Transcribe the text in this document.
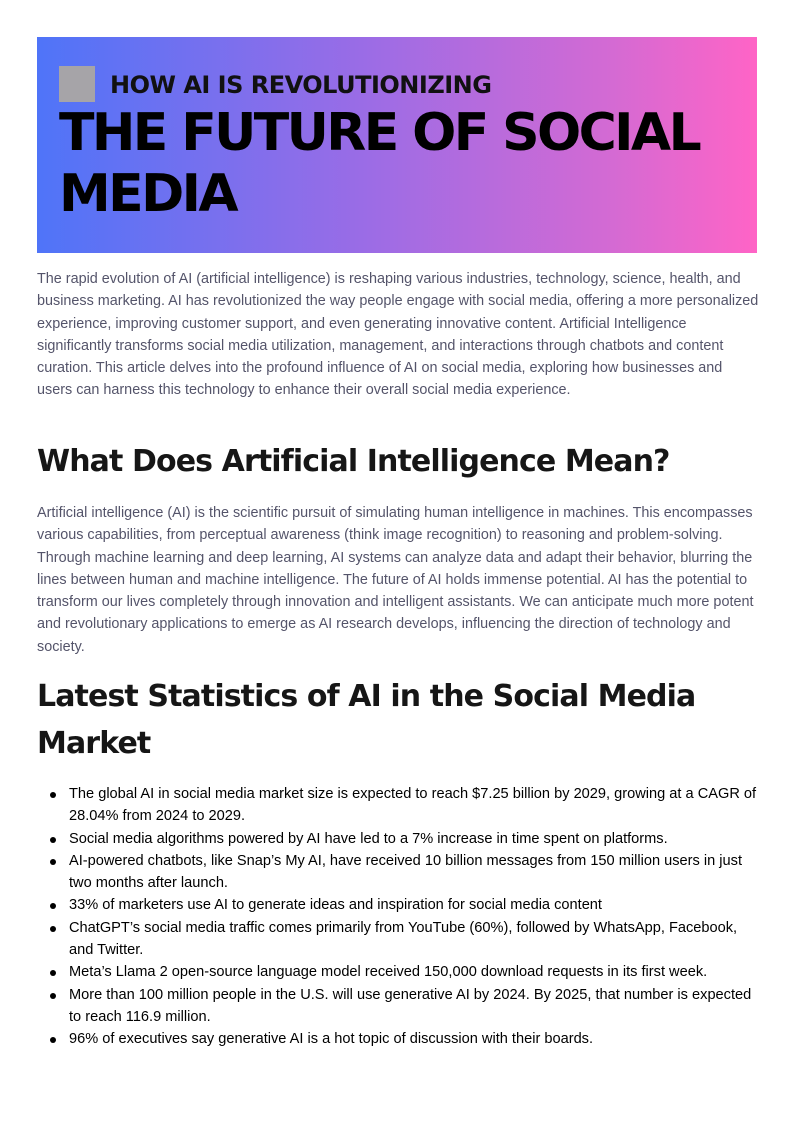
HOW AI IS REVOLUTIONIZING
THE FUTURE OF SOCIAL MEDIA

The rapid evolution of AI (artificial intelligence) is reshaping various industries, technology, science, health, and business marketing. AI has revolutionized the way people engage with social media, offering a more personalized experience, improving customer support, and even generating innovative content. Artificial Intelligence significantly transforms social media utilization, management, and interactions through chatbots and content curation. This article delves into the profound influence of AI on social media, exploring how businesses and users can harness this technology to enhance their overall social media experience.

What Does Artificial Intelligence Mean?

Artificial intelligence (AI) is the scientific pursuit of simulating human intelligence in machines. This encompasses various capabilities, from perceptual awareness (think image recognition) to reasoning and problem-solving. Through machine learning and deep learning, AI systems can analyze data and adapt their behavior, blurring the lines between human and machine intelligence. The future of AI holds immense potential. AI has the potential to transform our lives completely through innovation and intelligent assistants. We can anticipate much more potent and revolutionary applications to emerge as AI research develops, influencing the direction of technology and society.

Latest Statistics of AI in the Social Media Market
The global AI in social media market size is expected to reach $7.25 billion by 2029, growing at a CAGR of 28.04% from 2024 to 2029.
Social media algorithms powered by AI have led to a 7% increase in time spent on platforms.
AI-powered chatbots, like Snap’s My AI, have received 10 billion messages from 150 million users in just two months after launch.
33% of marketers use AI to generate ideas and inspiration for social media content
ChatGPT’s social media traffic comes primarily from YouTube (60%), followed by WhatsApp, Facebook, and Twitter.
Meta’s Llama 2 open-source language model received 150,000 download requests in its first week.
More than 100 million people in the U.S. will use generative AI by 2024. By 2025, that number is expected to reach 116.9 million.
96% of executives say generative AI is a hot topic of discussion with their boards.
